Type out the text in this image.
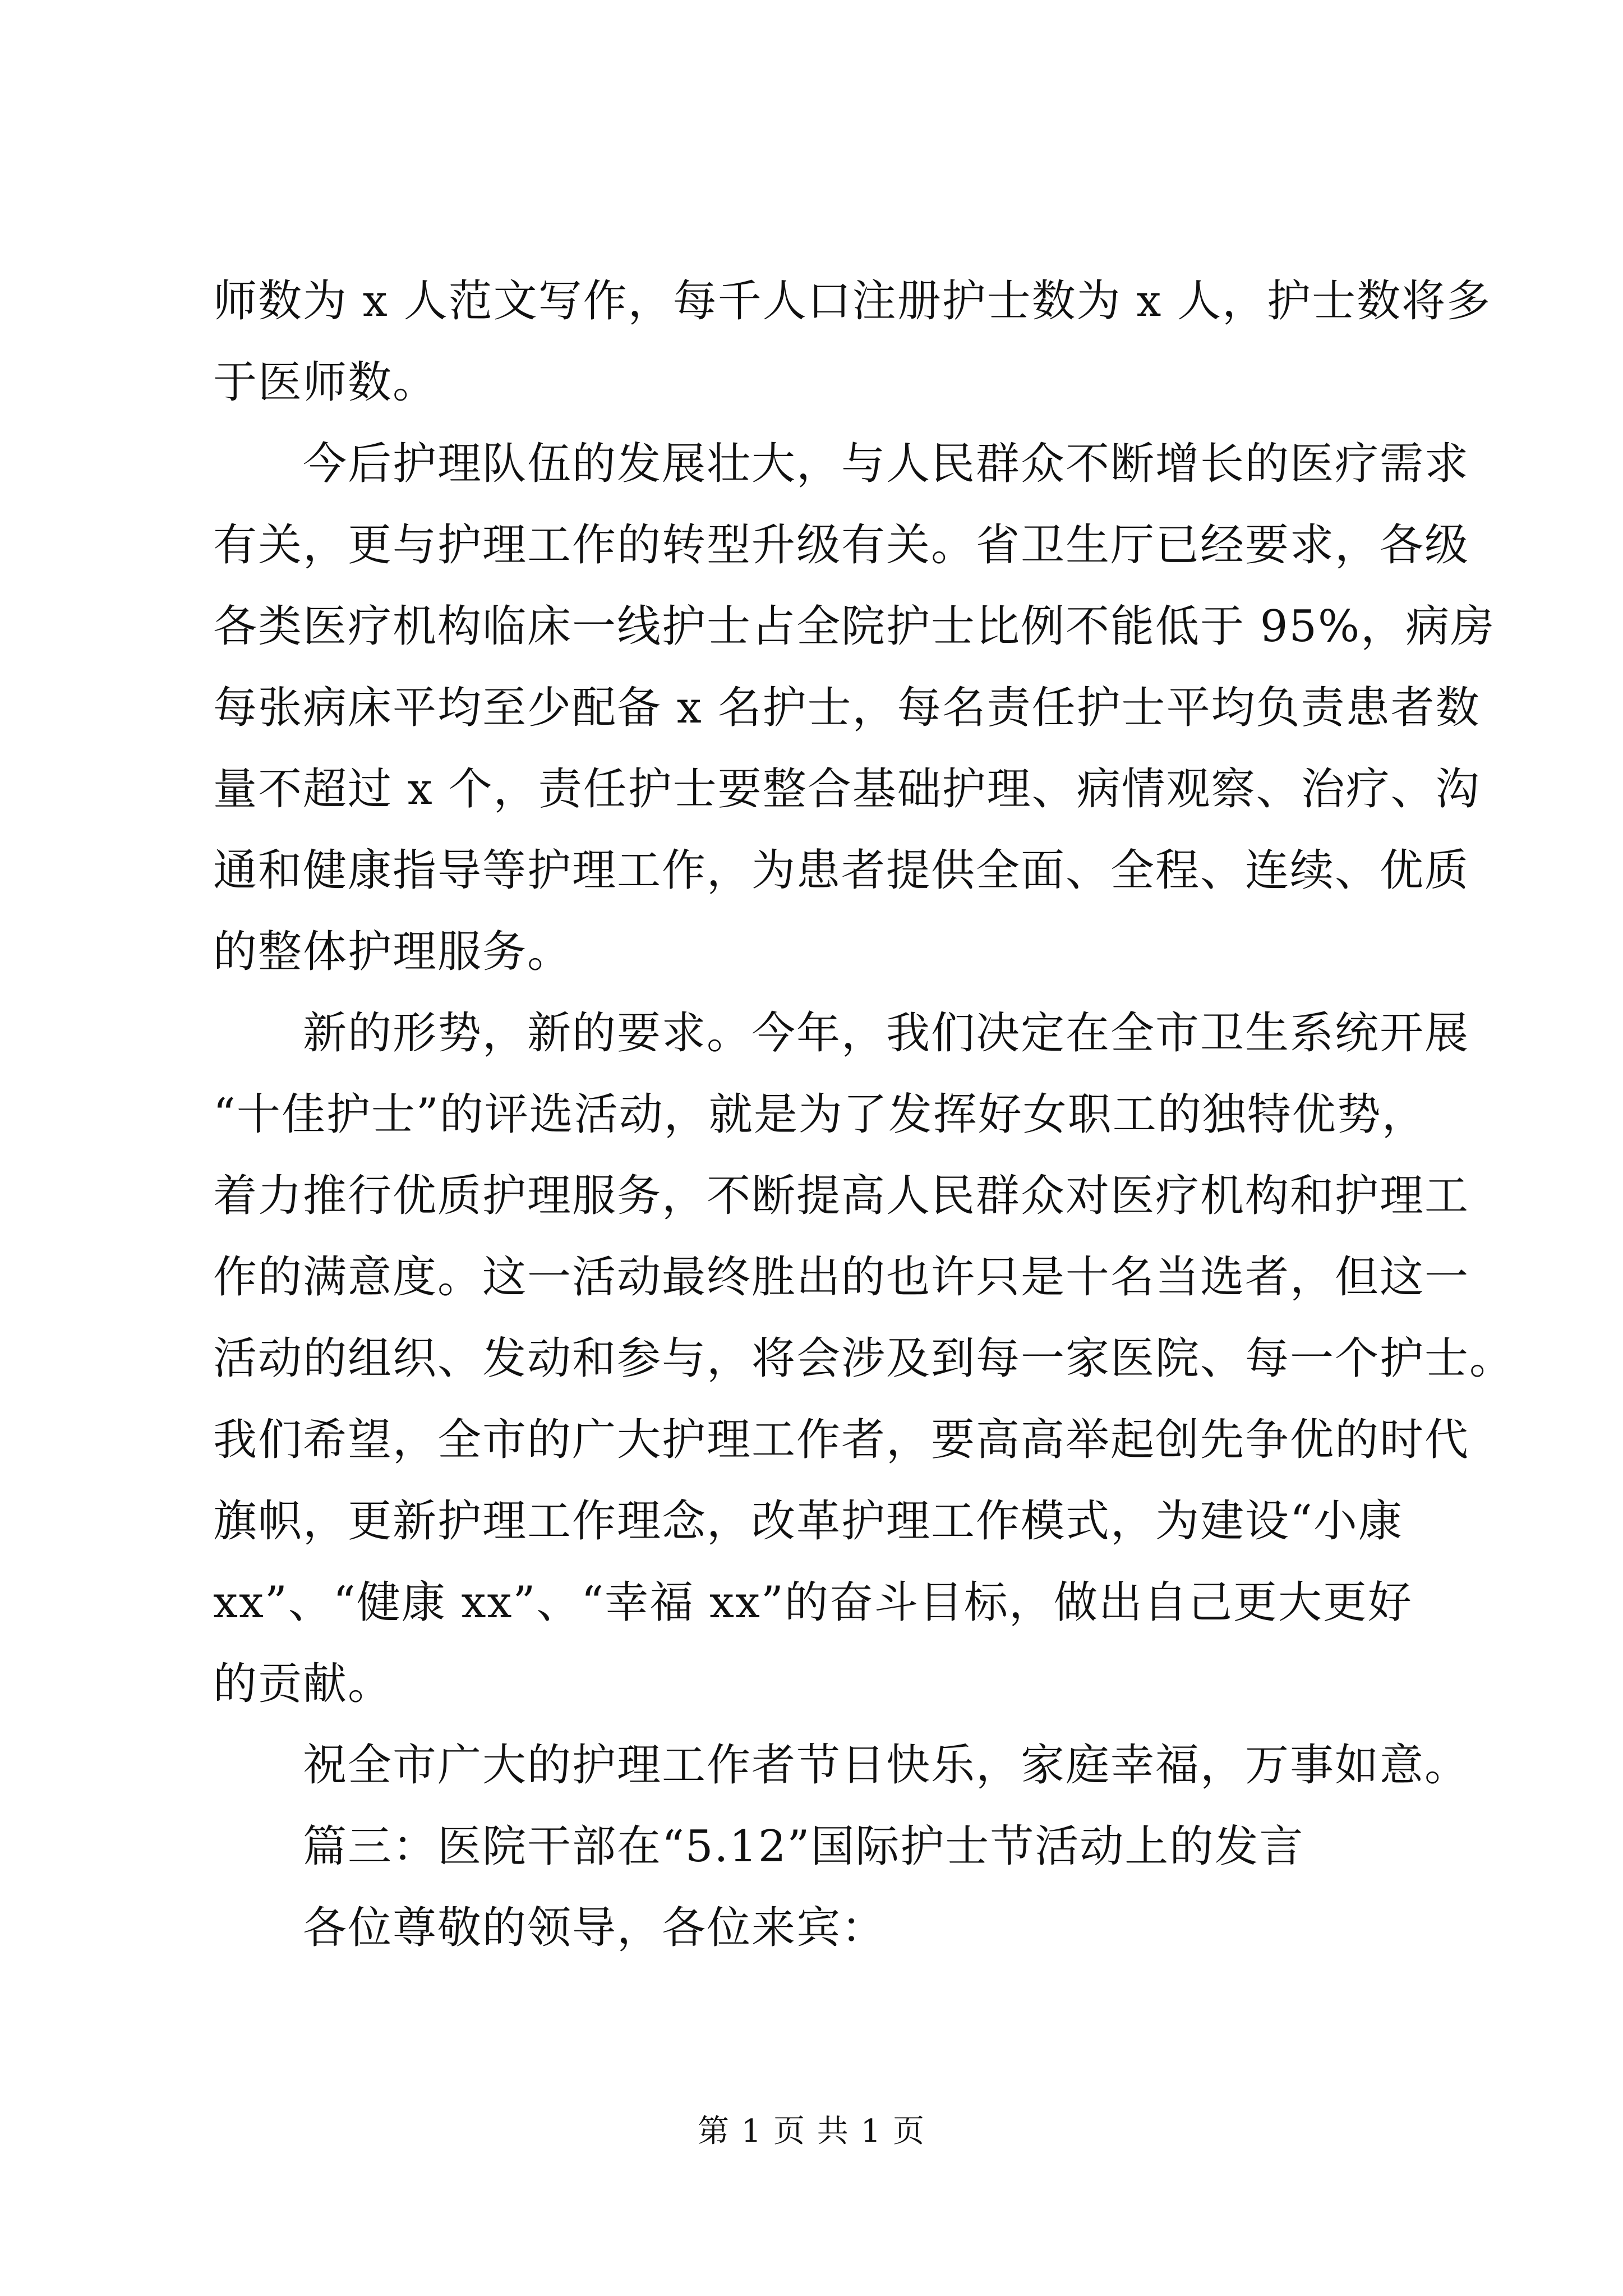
师数为 x 人范文写作，每千人口注册护士数为 x 人，护士数将多
于医师数。

今后护理队伍的发展壮大，与人民群众不断增长的医疗需求
有关，更与护理工作的转型升级有关。省卫生厅已经要求，各级
各类医疗机构临床一线护士占全院护士比例不能低于 95%，病房
每张病床平均至少配备 x 名护士，每名责任护士平均负责患者数
量不超过 x 个，责任护士要整合基础护理、病情观察、治疗、沟
通和健康指导等护理工作，为患者提供全面、全程、连续、优质
的整体护理服务。

新的形势，新的要求。今年，我们决定在全市卫生系统开展
“十佳护士”的评选活动，就是为了发挥好女职工的独特优势，
着力推行优质护理服务，不断提高人民群众对医疗机构和护理工
作的满意度。这一活动最终胜出的也许只是十名当选者，但这一
活动的组织、发动和参与，将会涉及到每一家医院、每一个护士。
我们希望，全市的广大护理工作者，要高高举起创先争优的时代
旗帜，更新护理工作理念，改革护理工作模式，为建设“小康
xx”、“健康 xx”、“幸福 xx”的奋斗目标，做出自己更大更好
的贡献。

祝全市广大的护理工作者节日快乐，家庭幸福，万事如意。

篇三：医院干部在“5.12”国际护士节活动上的发言

各位尊敬的领导，各位来宾：

第 1 页 共 1 页
